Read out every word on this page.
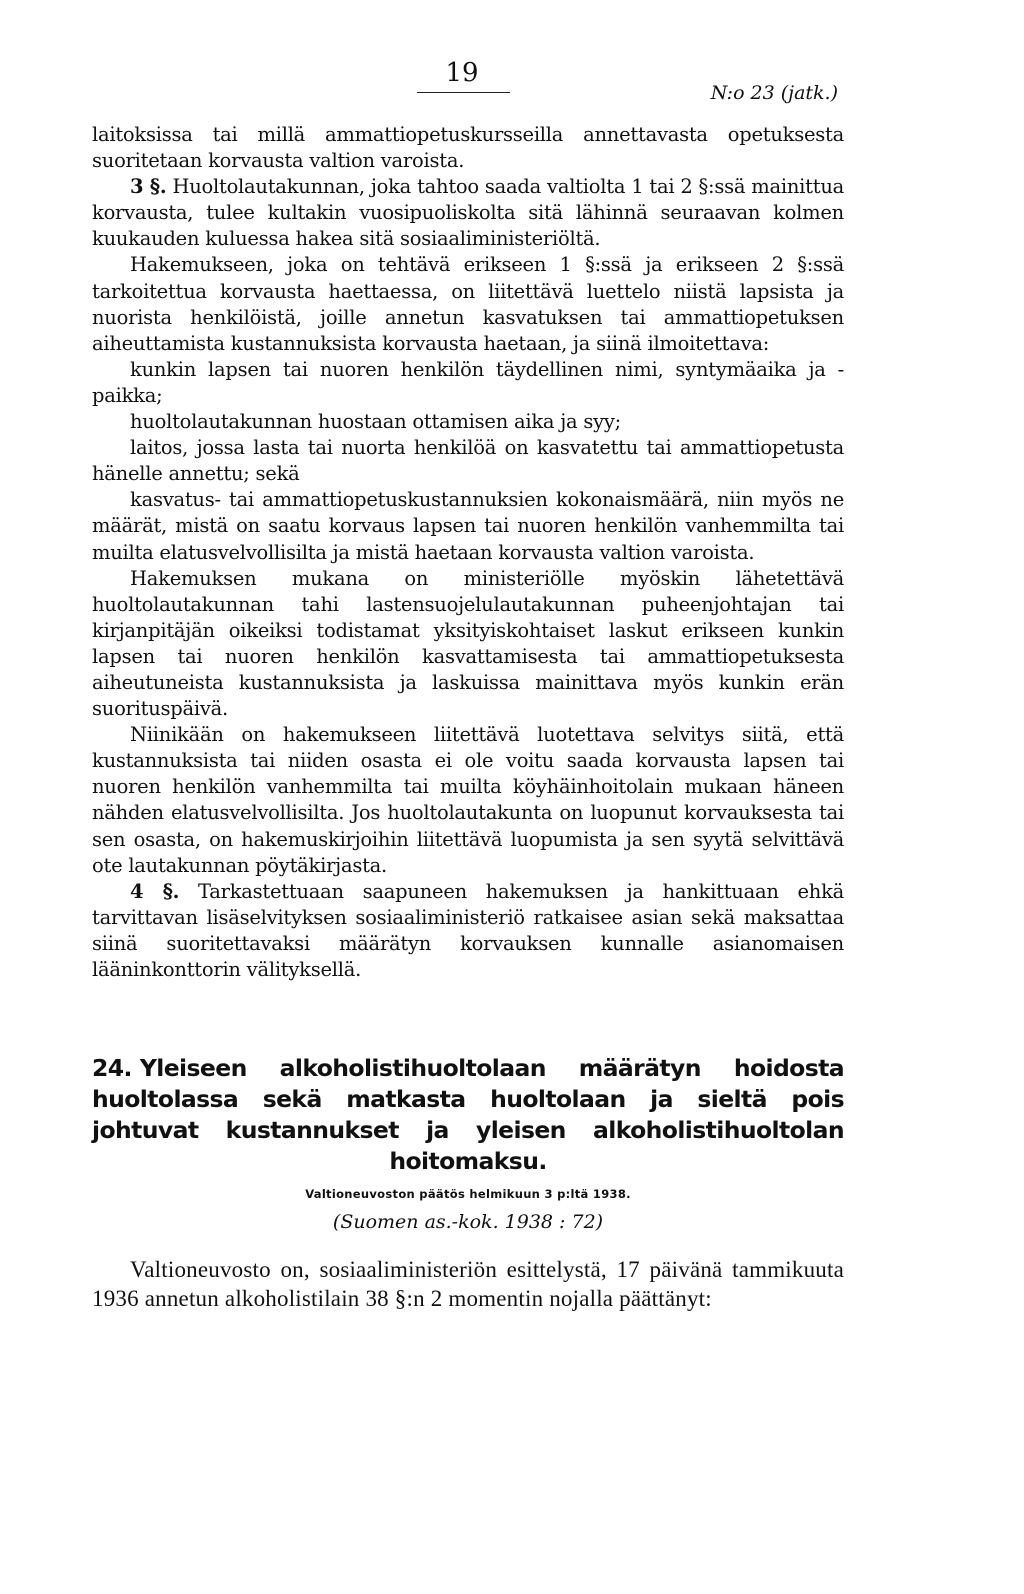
19
N:o 23 (jatk.)

laitoksissa tai millä ammattiopetuskursseilla annettavasta opetuksesta suoritetaan korvausta valtion varoista.

3 §. Huoltolautakunnan, joka tahtoo saada valtiolta 1 tai 2 §:ssä mainittua korvausta, tulee kultakin vuosipuoliskolta sitä lähinnä seuraavan kolmen kuukauden kuluessa hakea sitä sosiaaliministeriöltä.

Hakemukseen, joka on tehtävä erikseen 1 §:ssä ja erikseen 2 §:ssä tarkoitettua korvausta haettaessa, on liitettävä luettelo niistä lapsista ja nuorista henkilöistä, joille annetun kasvatuksen tai ammattiopetuksen aiheuttamista kustannuksista korvausta haetaan, ja siinä ilmoitettava:

kunkin lapsen tai nuoren henkilön täydellinen nimi, syntymäaika ja -paikka;

huoltolautakunnan huostaan ottamisen aika ja syy;

laitos, jossa lasta tai nuorta henkilöä on kasvatettu tai ammattiopetusta hänelle annettu; sekä

kasvatus- tai ammattiopetuskustannuksien kokonaismäärä, niin myös ne määrät, mistä on saatu korvaus lapsen tai nuoren henkilön vanhemmilta tai muilta elatusvelvollisilta ja mistä haetaan korvausta valtion varoista.

Hakemuksen mukana on ministeriölle myöskin lähetettävä huoltolautakunnan tahi lastensuojelulautakunnan puheenjohtajan tai kirjanpitäjän oikeiksi todistamat yksityiskohtaiset laskut erikseen kunkin lapsen tai nuoren henkilön kasvattamisesta tai ammattiopetuksesta aiheutuneista kustannuksista ja laskuissa mainittava myös kunkin erän suorituspäivä.

Niinikään on hakemukseen liitettävä luotettava selvitys siitä, että kustannuksista tai niiden osasta ei ole voitu saada korvausta lapsen tai nuoren henkilön vanhemmilta tai muilta köyhäinhoitolain mukaan häneen nähden elatusvelvollisilta. Jos huoltolautakunta on luopunut korvauksesta tai sen osasta, on hakemuskirjoihin liitettävä luopumista ja sen syytä selvittävä ote lautakunnan pöytäkirjasta.

4 §. Tarkastettuaan saapuneen hakemuksen ja hankittuaan ehkä tarvittavan lisäselvityksen sosiaaliministeriö ratkaisee asian sekä maksattaa siinä suoritettavaksi määrätyn korvauksen kunnalle asianomaisen lääninkonttorin välityksellä.

24. Yleiseen alkoholistihuoltolaan määrätyn hoidosta huoltolassa sekä matkasta huoltolaan ja sieltä pois johtuvat kustannukset ja yleisen alkoholistihuoltolan hoitomaksu.
Valtioneuvoston päätös helmikuun 3 p:ltä 1938.
(Suomen as.-kok. 1938 : 72)

Valtioneuvosto on, sosiaaliministeriön esittelystä, 17 päivänä tammikuuta 1936 annetun alkoholistilain 38 §:n 2 momentin nojalla päättänyt:
